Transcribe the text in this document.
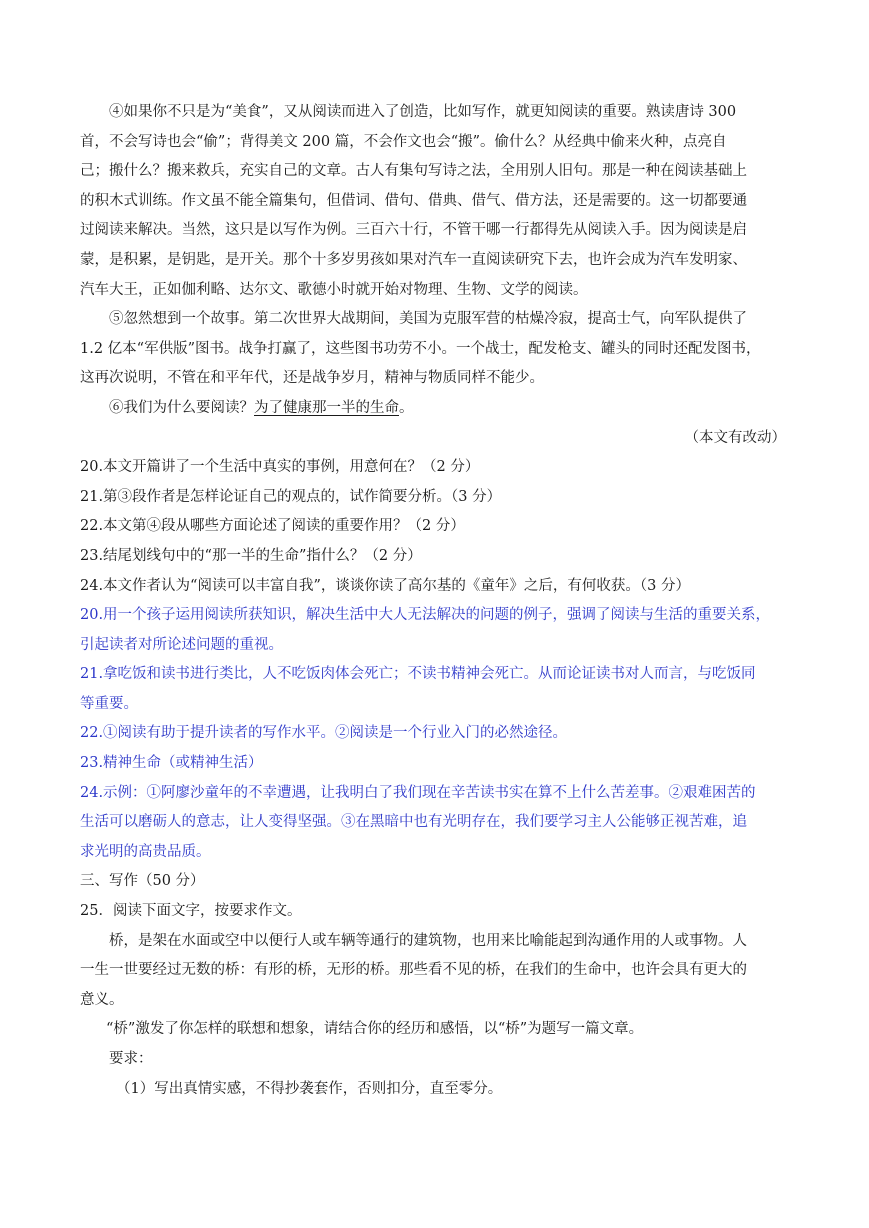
④如果你不只是为“美食”，又从阅读而进入了创造，比如写作，就更知阅读的重要。熟读唐诗 300
首，不会写诗也会“偷”；背得美文 200 篇，不会作文也会“搬”。偷什么？从经典中偷来火种，点亮自
己；搬什么？搬来救兵，充实自己的文章。古人有集句写诗之法，全用别人旧句。那是一种在阅读基础上
的积木式训练。作文虽不能全篇集句，但借词、借句、借典、借气、借方法，还是需要的。这一切都要通
过阅读来解决。当然，这只是以写作为例。三百六十行，不管干哪一行都得先从阅读入手。因为阅读是启
蒙，是积累，是钥匙，是开关。那个十多岁男孩如果对汽车一直阅读研究下去，也许会成为汽车发明家、
汽车大王，正如伽利略、达尔文、歌德小时就开始对物理、生物、文学的阅读。
⑤忽然想到一个故事。第二次世界大战期间，美国为克服军营的枯燥冷寂，提高士气，向军队提供了
1.2 亿本“军供版”图书。战争打赢了，这些图书功劳不小。一个战士，配发枪支、罐头的同时还配发图书，
这再次说明，不管在和平年代，还是战争岁月，精神与物质同样不能少。
⑥我们为什么要阅读？为了健康那一半的生命。
（本文有改动）
20.本文开篇讲了一个生活中真实的事例，用意何在？（2 分）
21.第③段作者是怎样论证自己的观点的，试作简要分析。（3 分）
22.本文第④段从哪些方面论述了阅读的重要作用？（2 分）
23.结尾划线句中的“那一半的生命”指什么？（2 分）
24.本文作者认为“阅读可以丰富自我”，谈谈你读了高尔基的《童年》之后，有何收获。（3 分）
20.用一个孩子运用阅读所获知识，解决生活中大人无法解决的问题的例子，强调了阅读与生活的重要关系，
引起读者对所论述问题的重视。
21.拿吃饭和读书进行类比，人不吃饭肉体会死亡；不读书精神会死亡。从而论证读书对人而言，与吃饭同
等重要。
22.①阅读有助于提升读者的写作水平。②阅读是一个行业入门的必然途径。
23.精神生命（或精神生活）
24.示例：①阿廖沙童年的不幸遭遇，让我明白了我们现在辛苦读书实在算不上什么苦差事。②艰难困苦的
生活可以磨砺人的意志，让人变得坚强。③在黑暗中也有光明存在，我们要学习主人公能够正视苦难，追
求光明的高贵品质。
三、写作（50 分）
25．阅读下面文字，按要求作文。
桥，是架在水面或空中以便行人或车辆等通行的建筑物，也用来比喻能起到沟通作用的人或事物。人
一生一世要经过无数的桥：有形的桥，无形的桥。那些看不见的桥，在我们的生命中，也许会具有更大的
意义。
“桥”激发了你怎样的联想和想象，请结合你的经历和感悟，以“桥”为题写一篇文章。
要求：
（1）写出真情实感，不得抄袭套作，否则扣分，直至零分。
